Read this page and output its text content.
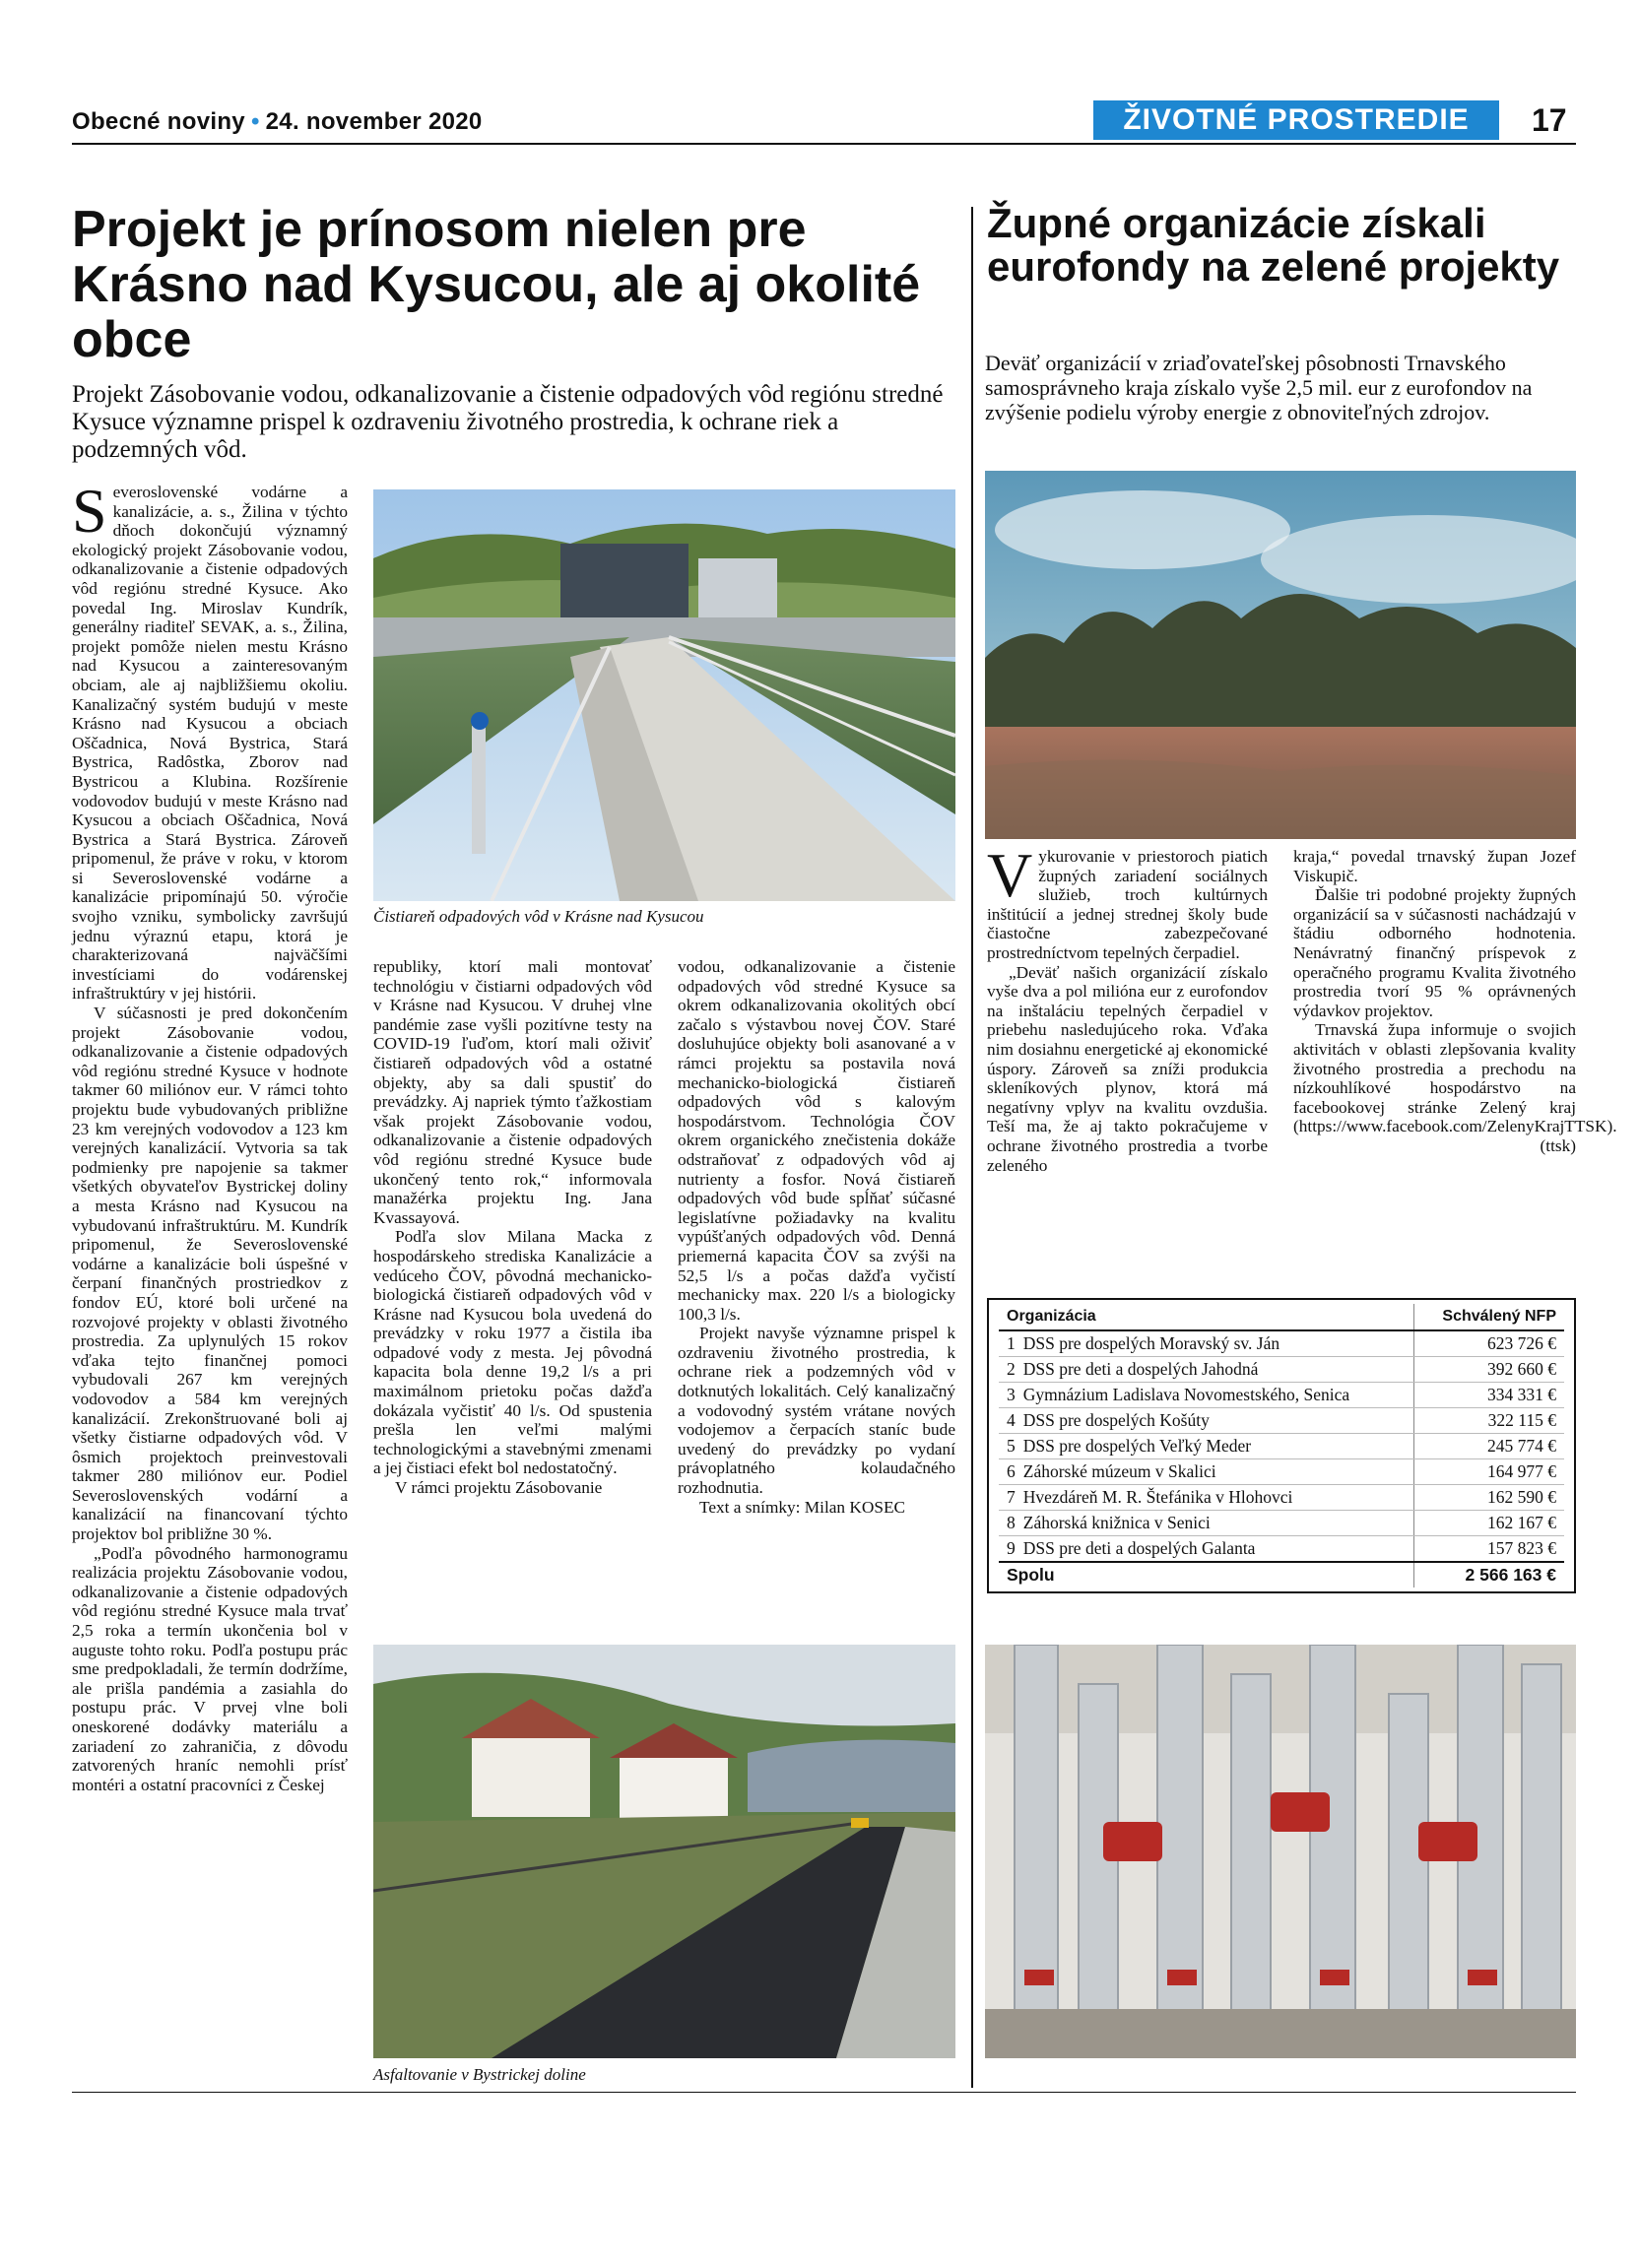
Obecné noviny • 24. november 2020	ŽIVOTNÉ PROSTREDIE	17
Projekt je prínosom nielen pre Krásno nad Kysucou, ale aj okolité obce
Projekt Zásobovanie vodou, odkanalizovanie a čistenie odpadových vôd regiónu stredné Kysuce významne prispel k ozdraveniu životného prostredia, k ochrane riek a podzemných vôd.

Severoslovenské vodárne a kanalizácie, a. s., Žilina v týchto dňoch dokončujú významný ekologický projekt Zásobovanie vodou, odkanalizovanie a čistenie odpadových vôd regiónu stredné Kysuce. Ako povedal Ing. Miroslav Kundrík, generálny riaditeľ SEVAK, a. s., Žilina, projekt pomôže nielen mestu Krásno nad Kysucou a zainteresovaným obciam, ale aj najbližšiemu okoliu. Kanalizačný systém budujú v meste Krásno nad Kysucou a obciach Oščadnica, Nová Bystrica, Stará Bystrica, Radôstka, Zborov nad Bystricou a Klubina. Rozšírenie vodovodov budujú v meste Krásno nad Kysucou a obciach Oščadnica, Nová Bystrica a Stará Bystrica. Zároveň pripomenul, že práve v roku, v ktorom si Severoslovenské vodárne a kanalizácie pripomínajú 50. výročie svojho vzniku, symbolicky završujú jednu výraznú etapu, ktorá je charakterizovaná najväčšími investíciami do vodárenskej infraštruktúry v jej histórii.

V súčasnosti je pred dokončením projekt Zásobovanie vodou, odkanalizovanie a čistenie odpadových vôd regiónu stredné Kysuce v hodnote takmer 60 miliónov eur. V rámci tohto projektu bude vybudovaných približne 23 km verejných vodovodov a 123 km verejných kanalizácií. Vytvoria sa tak podmienky pre napojenie sa takmer všetkých obyvateľov Bystrickej doliny a mesta Krásno nad Kysucou na vybudovanú infraštruktúru. M. Kundrík pripomenul, že Severoslovenské vodárne a kanalizácie boli úspešné v čerpaní finančných prostriedkov z fondov EÚ, ktoré boli určené na rozvojové projekty v oblasti životného prostredia. Za uplynulých 15 rokov vďaka tejto finančnej pomoci vybudovali 267 km verejných vodovodov a 584 km verejných kanalizácií. Zrekonštruované boli aj všetky čistiarne odpadových vôd. V ôsmich projektoch preinvestovali takmer 280 miliónov eur. Podiel Severoslovenských vodární a kanalizácií na financovaní týchto projektov bol približne 30 %.

„Podľa pôvodného harmonogramu realizácia projektu Zásobovanie vodou, odkanalizovanie a čistenie odpadových vôd regiónu stredné Kysuce mala trvať 2,5 roka a termín ukončenia bol v auguste tohto roku. Podľa postupu prác sme predpokladali, že termín dodržíme, ale prišla pandémia a zasiahla do postupu prác. V prvej vlne boli oneskorené dodávky materiálu a zariadení zo zahraničia, z dôvodu zatvorených hraníc nemohli prísť montéri a ostatní pracovníci z Českej

Čistiareň odpadových vôd v Krásne nad Kysucou

republiky, ktorí mali montovať technológiu v čistiarni odpadových vôd v Krásne nad Kysucou. V druhej vlne pandémie zase vyšli pozitívne testy na COVID-19 ľuďom, ktorí mali oživiť čistiareň odpadových vôd a ostatné objekty, aby sa dali spustiť do prevádzky. Aj napriek týmto ťažkostiam však projekt Zásobovanie vodou, odkanalizovanie a čistenie odpadových vôd regiónu stredné Kysuce bude ukončený tento rok,“ informovala manažérka projektu Ing. Jana Kvassayová.

Podľa slov Milana Macka z hospodárskeho strediska Kanalizácie a vedúceho ČOV, pôvodná mechanicko-biologická čistiareň odpadových vôd v Krásne nad Kysucou bola uvedená do prevádzky v roku 1977 a čistila iba odpadové vody z mesta. Jej pôvodná kapacita bola denne 19,2 l/s a pri maximálnom prietoku počas dažďa dokázala vyčistiť 40 l/s. Od spustenia prešla len veľmi malými technologickými a stavebnými zmenami a jej čistiaci efekt bol nedostatočný.

V rámci projektu Zásobovanie

vodou, odkanalizovanie a čistenie odpadových vôd stredné Kysuce sa okrem odkanalizovania okolitých obcí začalo s výstavbou novej ČOV. Staré dosluhujúce objekty boli asanované a v rámci projektu sa postavila nová mechanicko-biologická čistiareň odpadových vôd s kalovým hospodárstvom. Technológia ČOV okrem organického znečistenia dokáže odstraňovať z odpadových vôd aj nutrienty a fosfor. Nová čistiareň odpadových vôd bude spĺňať súčasné legislatívne požiadavky na kvalitu vypúšťaných odpadových vôd. Denná priemerná kapacita ČOV sa zvýši na 52,5 l/s a počas dažďa vyčistí mechanicky max. 220 l/s a biologicky 100,3 l/s.

Projekt navyše významne prispel k ozdraveniu životného prostredia, k ochrane riek a podzemných vôd v dotknutých lokalitách. Celý kanalizačný a vodovodný systém vrátane nových vodojemov a čerpacích staníc bude uvedený do prevádzky po vydaní právoplatného kolaudačného rozhodnutia.

Text a snímky: Milan KOSEC

Asfaltovanie v Bystrickej doline
Župné organizácie získali eurofondy na zelené projekty
Deväť organizácií v zriaďovateľskej pôsobnosti Trnavského samosprávneho kraja získalo vyše 2,5 mil. eur z eurofondov na zvýšenie podielu výroby energie z obnoviteľných zdrojov.

Vykurovanie v priestoroch piatich župných zariadení sociálnych služieb, troch kultúrnych inštitúcií a jednej strednej školy bude čiastočne zabezpečované prostredníctvom tepelných čerpadiel.

„Deväť našich organizácií získalo vyše dva a pol milióna eur z eurofondov na inštaláciu tepelných čerpadiel v priebehu nasledujúceho roka. Vďaka nim dosiahnu energetické aj ekonomické úspory. Zároveň sa zníži produkcia skleníkových plynov, ktorá má negatívny vplyv na kvalitu ovzdušia. Teší ma, že aj takto pokračujeme v ochrane životného prostredia a tvorbe zeleného

kraja,“ povedal trnavský župan Jozef Viskupič.

Ďalšie tri podobné projekty župných organizácií sa v súčasnosti nachádzajú v štádiu odborného hodnotenia. Nenávratný finančný príspevok z operačného programu Kvalita životného prostredia tvorí 95 % oprávnených výdavkov projektov.

Trnavská župa informuje o svojich aktivitách v oblasti zlepšovania kvality životného prostredia a prechodu na nízkouhlíkové hospodárstvo na facebookovej stránke Zelený kraj (https://www.facebook.com/ZelenyKrajTTSK).

(ttsk)

Organizácia	Schválený NFP
1 DSS pre dospelých Moravský sv. Ján	623 726 €
2 DSS pre deti a dospelých Jahodná	392 660 €
3 Gymnázium Ladislava Novomestského, Senica	334 331 €
4 DSS pre dospelých Košúty	322 115 €
5 DSS pre dospelých Veľký Meder	245 774 €
6 Záhorské múzeum v Skalici	164 977 €
7 Hvezdáreň M. R. Štefánika v Hlohovci	162 590 €
8 Záhorská knižnica v Senici	162 167 €
9 DSS pre deti a dospelých Galanta	157 823 €
Spolu	2 566 163 €
